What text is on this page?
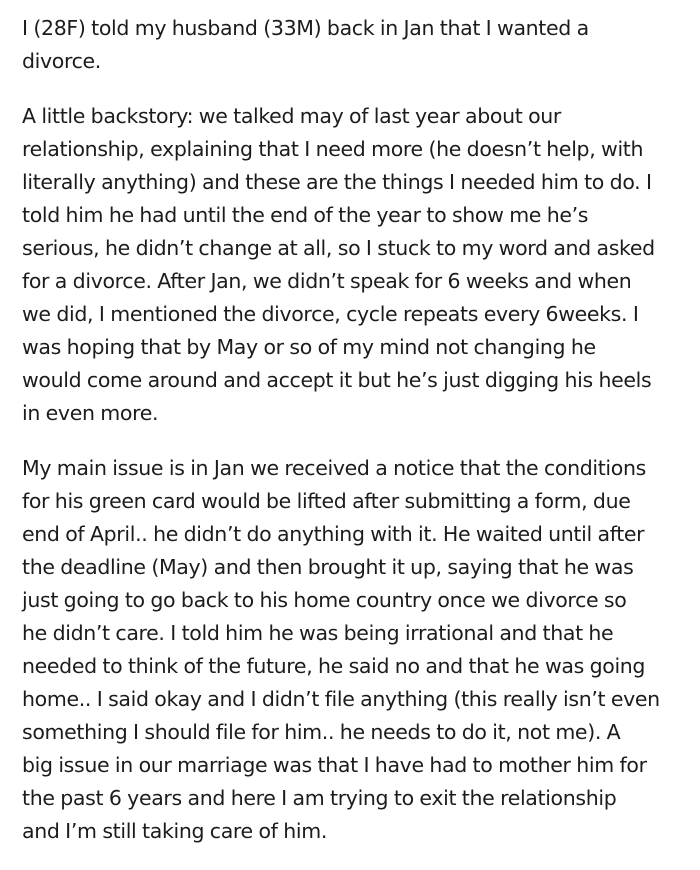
I (28F) told my husband (33M) back in Jan that I wanted a
divorce.

A little backstory: we talked may of last year about our
relationship, explaining that I need more (he doesn’t help, with
literally anything) and these are the things I needed him to do. I
told him he had until the end of the year to show me he’s
serious, he didn’t change at all, so I stuck to my word and asked
for a divorce. After Jan, we didn’t speak for 6 weeks and when
we did, I mentioned the divorce, cycle repeats every 6weeks. I
was hoping that by May or so of my mind not changing he
would come around and accept it but he’s just digging his heels
in even more.

My main issue is in Jan we received a notice that the conditions
for his green card would be lifted after submitting a form, due
end of April.. he didn’t do anything with it. He waited until after
the deadline (May) and then brought it up, saying that he was
just going to go back to his home country once we divorce so
he didn’t care. I told him he was being irrational and that he
needed to think of the future, he said no and that he was going
home.. I said okay and I didn’t file anything (this really isn’t even
something I should file for him.. he needs to do it, not me). A
big issue in our marriage was that I have had to mother him for
the past 6 years and here I am trying to exit the relationship
and I’m still taking care of him.
